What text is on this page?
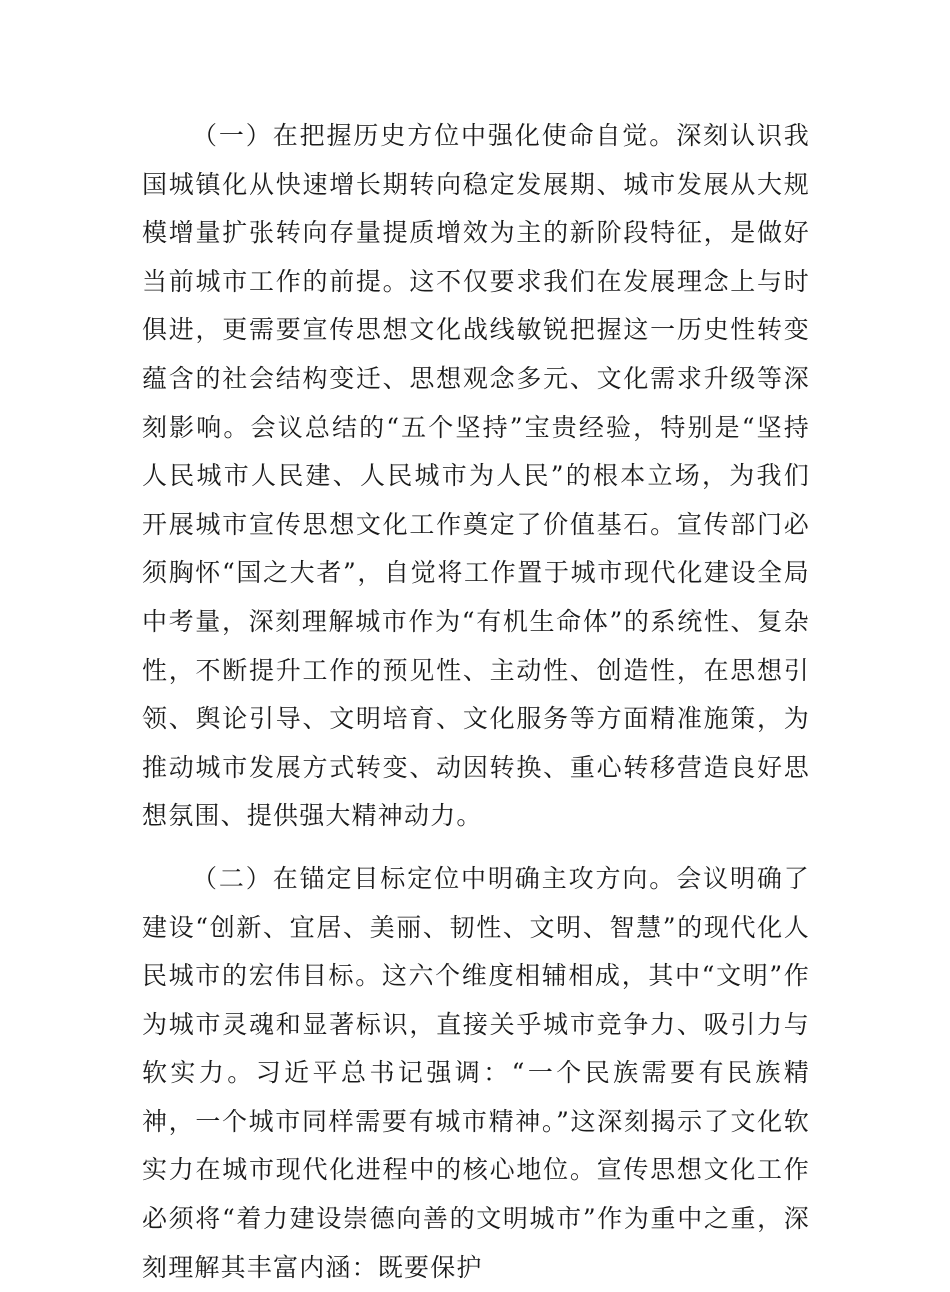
（一）在把握历史方位中强化使命自觉。深刻认识我国城镇化从快速增长期转向稳定发展期、城市发展从大规模增量扩张转向存量提质增效为主的新阶段特征，是做好当前城市工作的前提。这不仅要求我们在发展理念上与时俱进，更需要宣传思想文化战线敏锐把握这一历史性转变蕴含的社会结构变迁、思想观念多元、文化需求升级等深刻影响。会议总结的“五个坚持”宝贵经验，特别是“坚持人民城市人民建、人民城市为人民”的根本立场，为我们开展城市宣传思想文化工作奠定了价值基石。宣传部门必须胸怀“国之大者”，自觉将工作置于城市现代化建设全局中考量，深刻理解城市作为“有机生命体”的系统性、复杂性，不断提升工作的预见性、主动性、创造性，在思想引领、舆论引导、文明培育、文化服务等方面精准施策，为推动城市发展方式转变、动因转换、重心转移营造良好思想氛围、提供强大精神动力。

（二）在锚定目标定位中明确主攻方向。会议明确了建设“创新、宜居、美丽、韧性、文明、智慧”的现代化人民城市的宏伟目标。这六个维度相辅相成，其中“文明”作为城市灵魂和显著标识，直接关乎城市竞争力、吸引力与软实力。习近平总书记强调：“一个民族需要有民族精神，一个城市同样需要有城市精神。”这深刻揭示了文化软实力在城市现代化进程中的核心地位。宣传思想文化工作必须将“着力建设崇德向善的文明城市”作为重中之重，深刻理解其丰富内涵：既要保护
